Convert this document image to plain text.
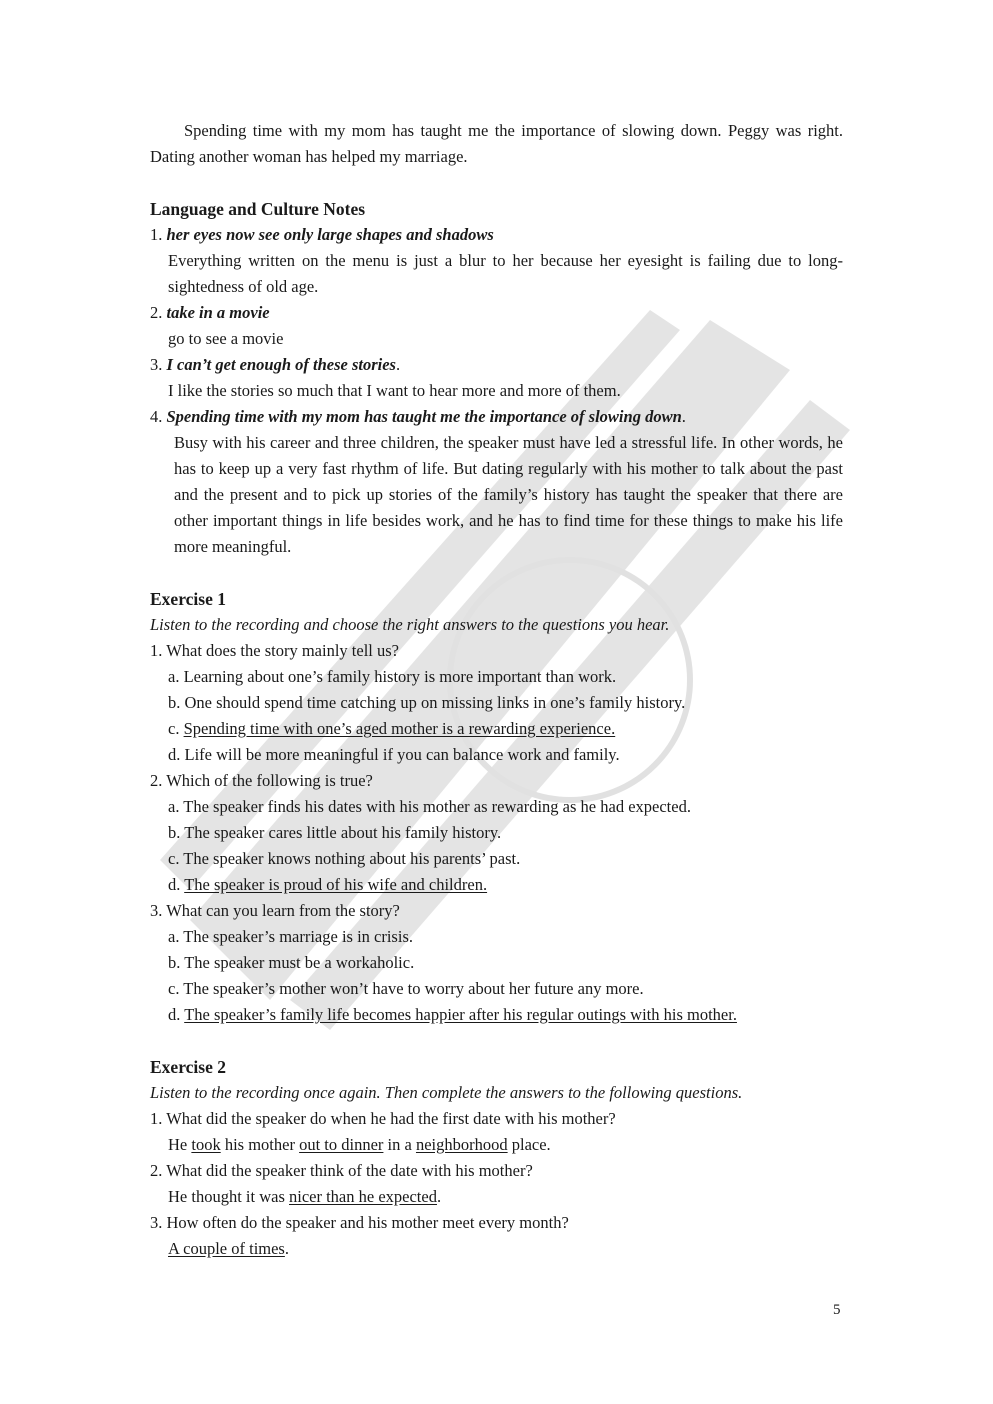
Spending time with my mom has taught me the importance of slowing down. Peggy was right. Dating another woman has helped my marriage.

Language and Culture Notes

1. her eyes now see only large shapes and shadows

Everything written on the menu is just a blur to her because her eyesight is failing due to long-sightedness of old age.

2. take in a movie

go to see a movie

3. I can’t get enough of these stories.

I like the stories so much that I want to hear more and more of them.

4. Spending time with my mom has taught me the importance of slowing down.

Busy with his career and three children, the speaker must have led a stressful life. In other words, he has to keep up a very fast rhythm of life. But dating regularly with his mother to talk about the past and the present and to pick up stories of the family’s history has taught the speaker that there are other important things in life besides work, and he has to find time for these things to make his life more meaningful.

Exercise 1

Listen to the recording and choose the right answers to the questions you hear.

1. What does the story mainly tell us?

a. Learning about one’s family history is more important than work.

b. One should spend time catching up on missing links in one’s family history.

c. Spending time with one’s aged mother is a rewarding experience.

d. Life will be more meaningful if you can balance work and family.

2. Which of the following is true?

a. The speaker finds his dates with his mother as rewarding as he had expected.

b. The speaker cares little about his family history.

c. The speaker knows nothing about his parents’ past.

d. The speaker is proud of his wife and children.

3. What can you learn from the story?

a. The speaker’s marriage is in crisis.

b. The speaker must be a workaholic.

c. The speaker’s mother won’t have to worry about her future any more.

d. The speaker’s family life becomes happier after his regular outings with his mother.

Exercise 2

Listen to the recording once again. Then complete the answers to the following questions.

1. What did the speaker do when he had the first date with his mother?

He took his mother out to dinner in a neighborhood place.

2. What did the speaker think of the date with his mother?

He thought it was nicer than he expected.

3. How often do the speaker and his mother meet every month?

A couple of times.

5
